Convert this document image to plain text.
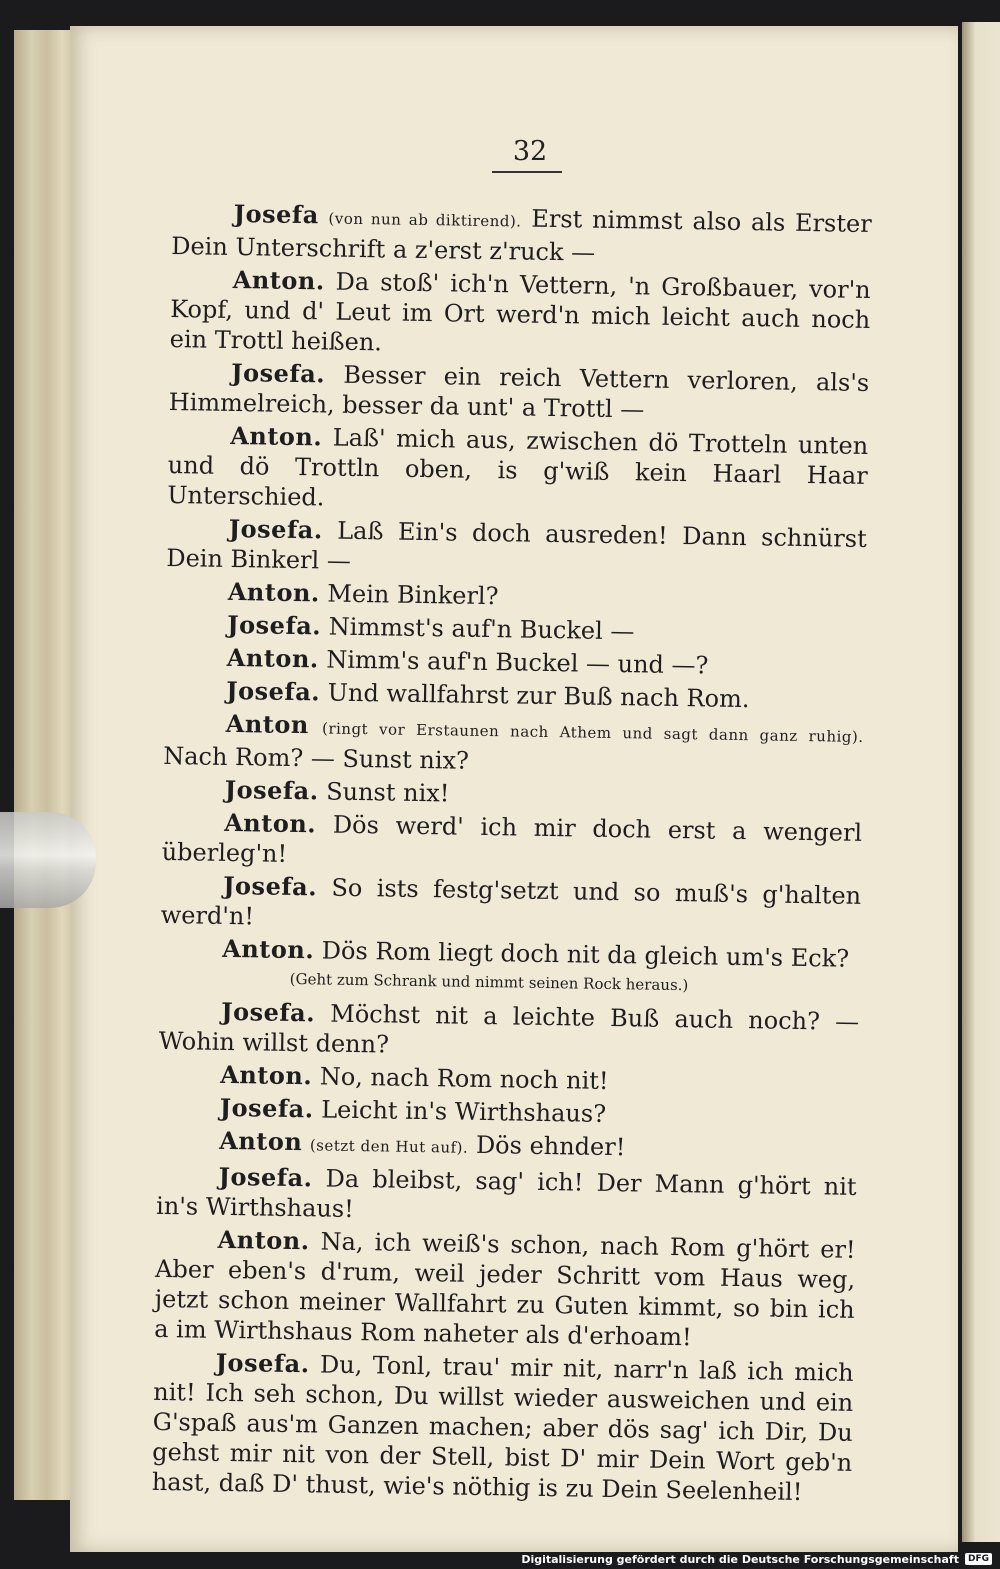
32

Josefa (von nun ab diktirend). Erst nimmst also als Erster Dein Unterschrift a z'erst z'ruck —

Anton. Da stoß' ich'n Vettern, 'n Großbauer, vor'n Kopf, und d' Leut im Ort werd'n mich leicht auch noch ein Trottl heißen.

Josefa. Besser ein reich Vettern verloren, als's Himmelreich, besser da unt' a Trottl —

Anton. Laß' mich aus, zwischen dö Trotteln unten und dö Trottln oben, is g'wiß kein Haarl Haar Unterschied.

Josefa. Laß Ein's doch ausreden! Dann schnürst Dein Binkerl —

Anton. Mein Binkerl?

Josefa. Nimmst's auf'n Buckel —

Anton. Nimm's auf'n Buckel — und —?

Josefa. Und wallfahrst zur Buß nach Rom.

Anton (ringt vor Erstaunen nach Athem und sagt dann ganz ruhig). Nach Rom? — Sunst nix?

Josefa. Sunst nix!

Anton. Dös werd' ich mir doch erst a wengerl überleg'n!

Josefa. So ists festg'setzt und so muß's g'halten werd'n!

Anton. Dös Rom liegt doch nit da gleich um's Eck?

(Geht zum Schrank und nimmt seinen Rock heraus.)

Josefa. Möchst nit a leichte Buß auch noch? — Wohin willst denn?

Anton. No, nach Rom noch nit!

Josefa. Leicht in's Wirthshaus?

Anton (setzt den Hut auf). Dös ehnder!

Josefa. Da bleibst, sag' ich! Der Mann g'hört nit in's Wirthshaus!

Anton. Na, ich weiß's schon, nach Rom g'hört er! Aber eben's d'rum, weil jeder Schritt vom Haus weg, jetzt schon meiner Wallfahrt zu Guten kimmt, so bin ich a im Wirthshaus Rom naheter als d'erhoam!

Josefa. Du, Tonl, trau' mir nit, narr'n laß ich mich nit! Ich seh schon, Du willst wieder ausweichen und ein G'spaß aus'm Ganzen machen; aber dös sag' ich Dir, Du gehst mir nit von der Stell, bist D' mir Dein Wort geb'n hast, daß D' thust, wie's nöthig is zu Dein Seelenheil!

Digitalisierung gefördert durch die Deutsche Forschungsgemeinschaft	DFG
